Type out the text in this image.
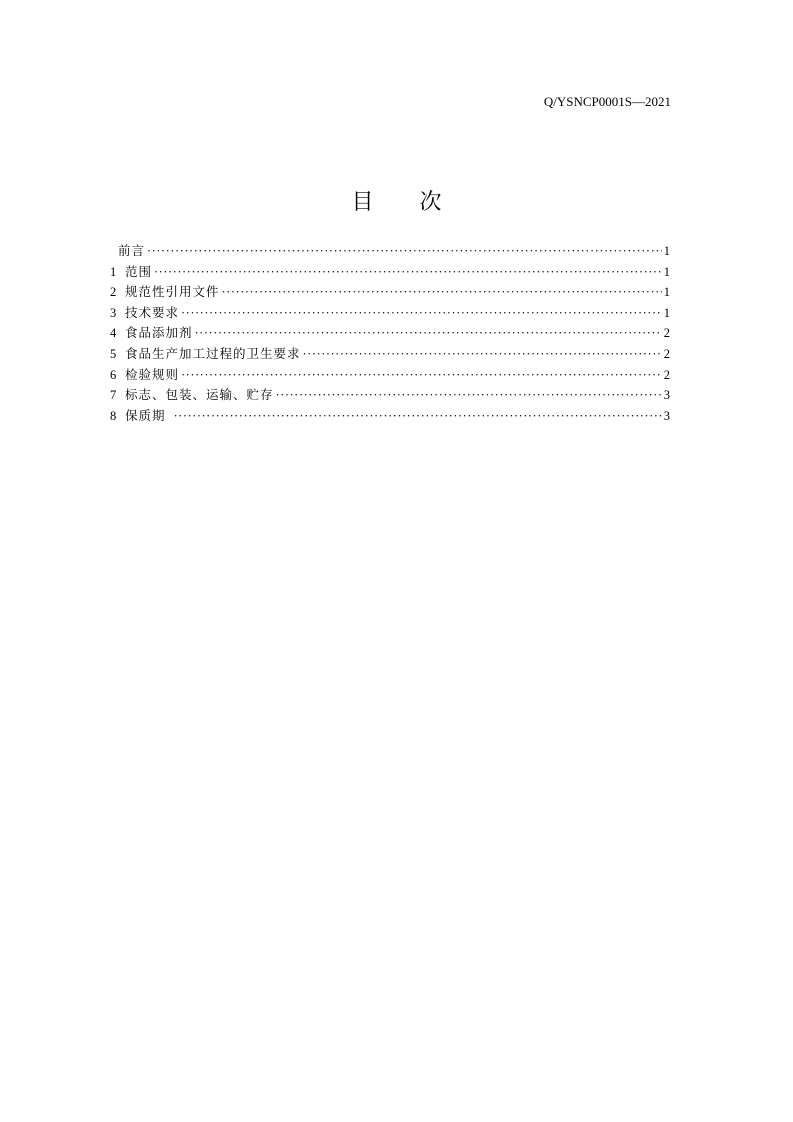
Q/YSNCP0001S—2021
目 次
前言 ·····	1
1 范围 ·····	1
2 规范性引用文件 ·····	1
3 技术要求 ·····	1
4 食品添加剂 ·····	2
5 食品生产加工过程的卫生要求 ·····	2
6 检验规则 ·····	2
7 标志、包装、运输、贮存 ·····	3
8 保质期 ·····	3
